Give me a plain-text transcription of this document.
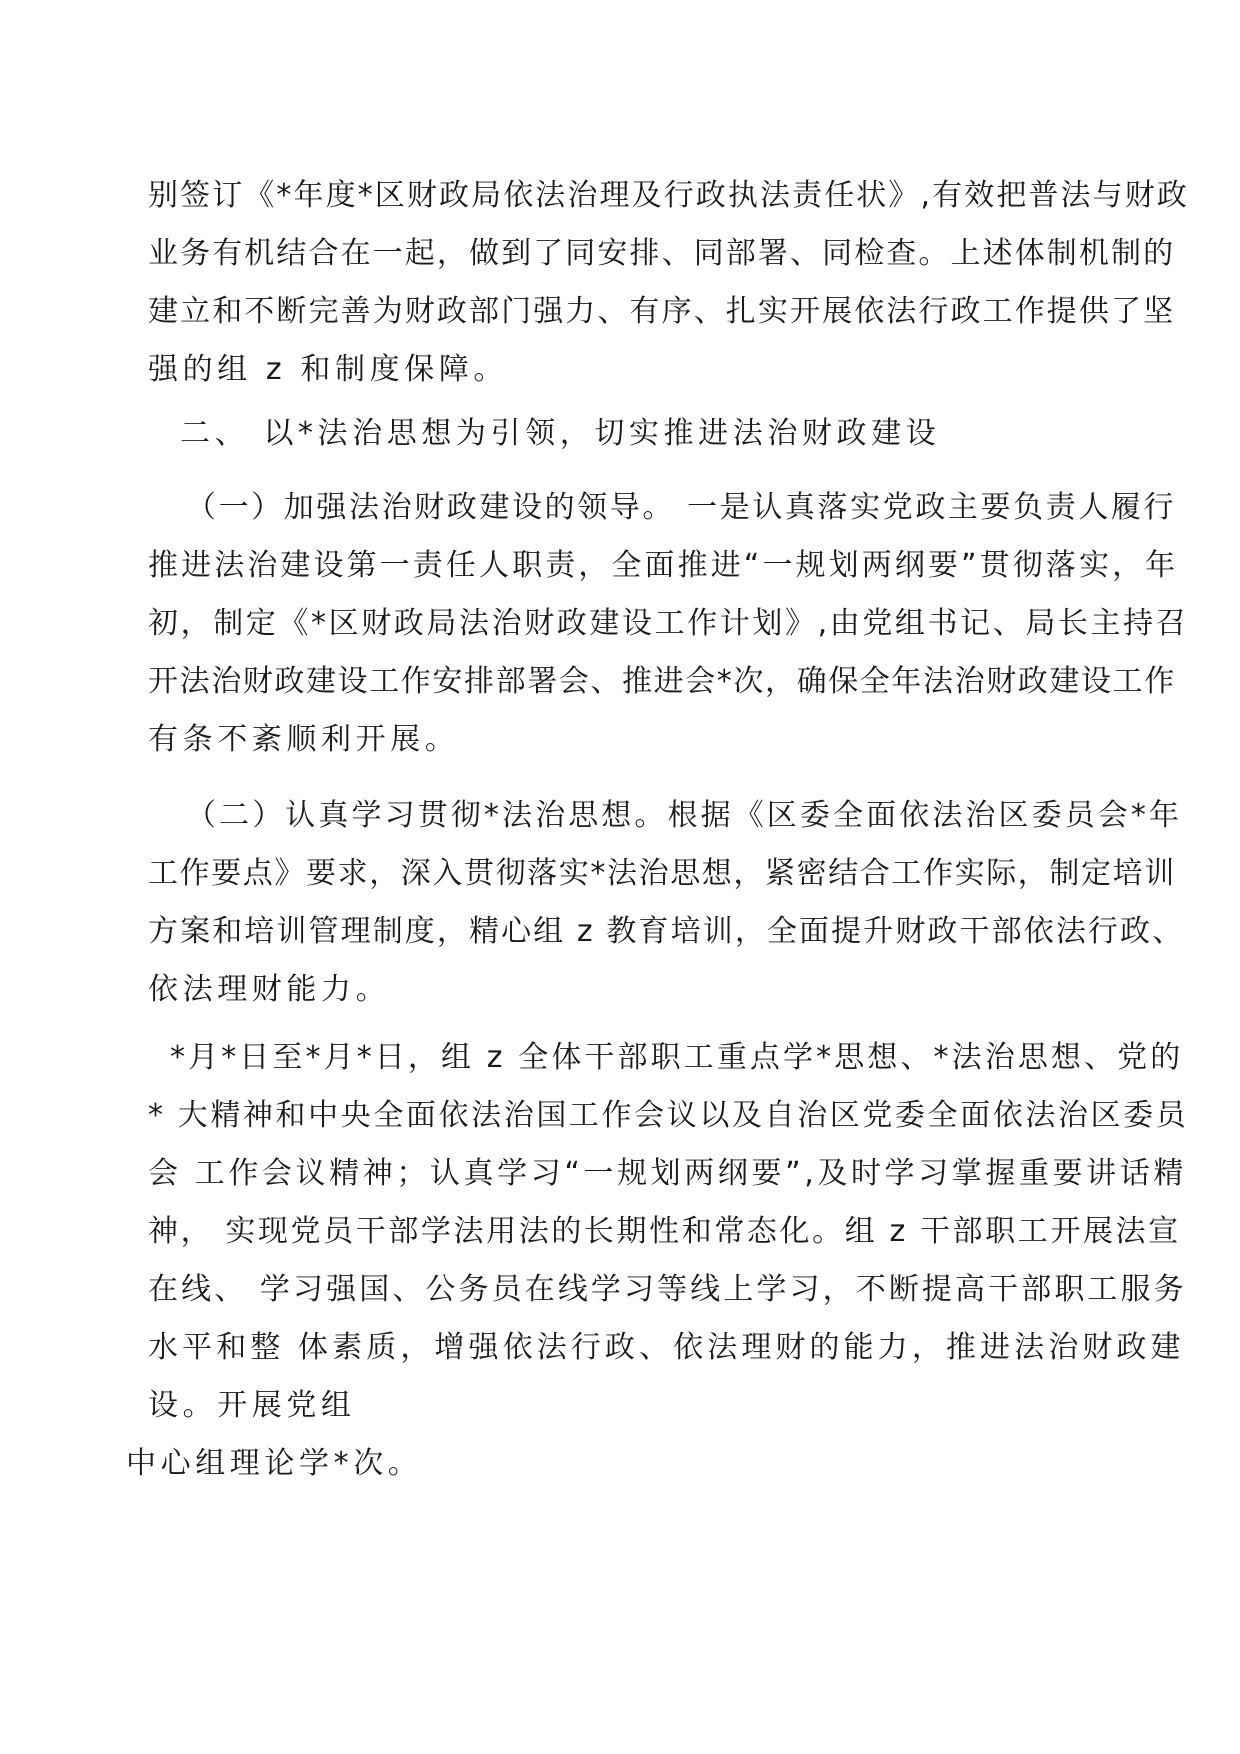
别签订《*年度*区财政局依法治理及行政执法责任状》,有效把普法与财政
业务有机结合在一起，做到了同安排、同部署、同检查。上述体制机制的
建立和不断完善为财政部门强力、有序、扎实开展依法行政工作提供了坚
强的组 z 和制度保障。
二、 以*法治思想为引领，切实推进法治财政建设
（一）加强法治财政建设的领导。 一是认真落实党政主要负责人履行
推进法治建设第一责任人职责，全面推进“一规划两纲要”贯彻落实，年
初，制定《*区财政局法治财政建设工作计划》,由党组书记、局长主持召
开法治财政建设工作安排部署会、推进会*次，确保全年法治财政建设工作
有条不紊顺利开展。
（二）认真学习贯彻*法治思想。根据《区委全面依法治区委员会*年
工作要点》要求，深入贯彻落实*法治思想，紧密结合工作实际，制定培训
方案和培训管理制度，精心组 z 教育培训，全面提升财政干部依法行政、
依法理财能力。
*月*日至*月*日，组 z 全体干部职工重点学*思想、*法治思想、党的
* 大精神和中央全面依法治国工作会议以及自治区党委全面依法治区委员
会 工作会议精神；认真学习“一规划两纲要”,及时学习掌握重要讲话精
神， 实现党员干部学法用法的长期性和常态化。组 z 干部职工开展法宣
在线、 学习强国、公务员在线学习等线上学习，不断提高干部职工服务
水平和整 体素质，增强依法行政、依法理财的能力，推进法治财政建
设。开展党组
中心组理论学*次。
